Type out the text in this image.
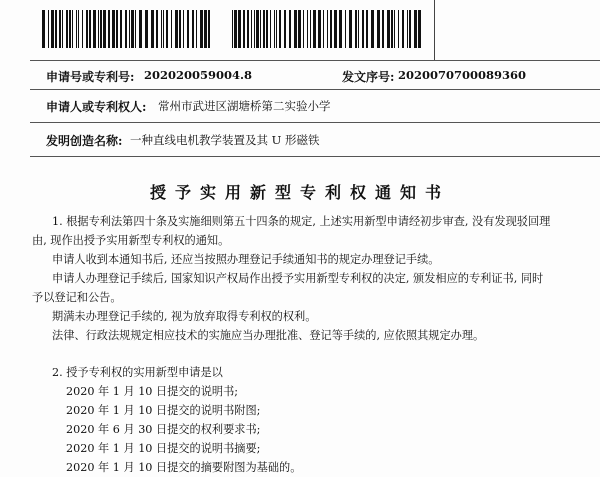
申请号或专利号: 202020059004.8	发文序号: 2020070700089360
申请人或专利权人: 常州市武进区湖塘桥第二实验小学
发明创造名称: 一种直线电机教学装置及其 U 形磁铁
授予实用新型专利权通知书
1. 根据专利法第四十条及实施细则第五十四条的规定, 上述实用新型申请经初步审查, 没有发现驳回理
由, 现作出授予实用新型专利权的通知。
申请人收到本通知书后, 还应当按照办理登记手续通知书的规定办理登记手续。
申请人办理登记手续后, 国家知识产权局作出授予实用新型专利权的决定, 颁发相应的专利证书, 同时
予以登记和公告。
期满未办理登记手续的, 视为放弃取得专利权的权利。
法律、行政法规规定相应技术的实施应当办理批准、登记等手续的, 应依照其规定办理。
2. 授予专利权的实用新型申请是以
2020 年 1 月 10 日提交的说明书;
2020 年 1 月 10 日提交的说明书附图;
2020 年 6 月 30 日提交的权利要求书;
2020 年 1 月 10 日提交的说明书摘要;
2020 年 1 月 10 日提交的摘要附图为基础的。
